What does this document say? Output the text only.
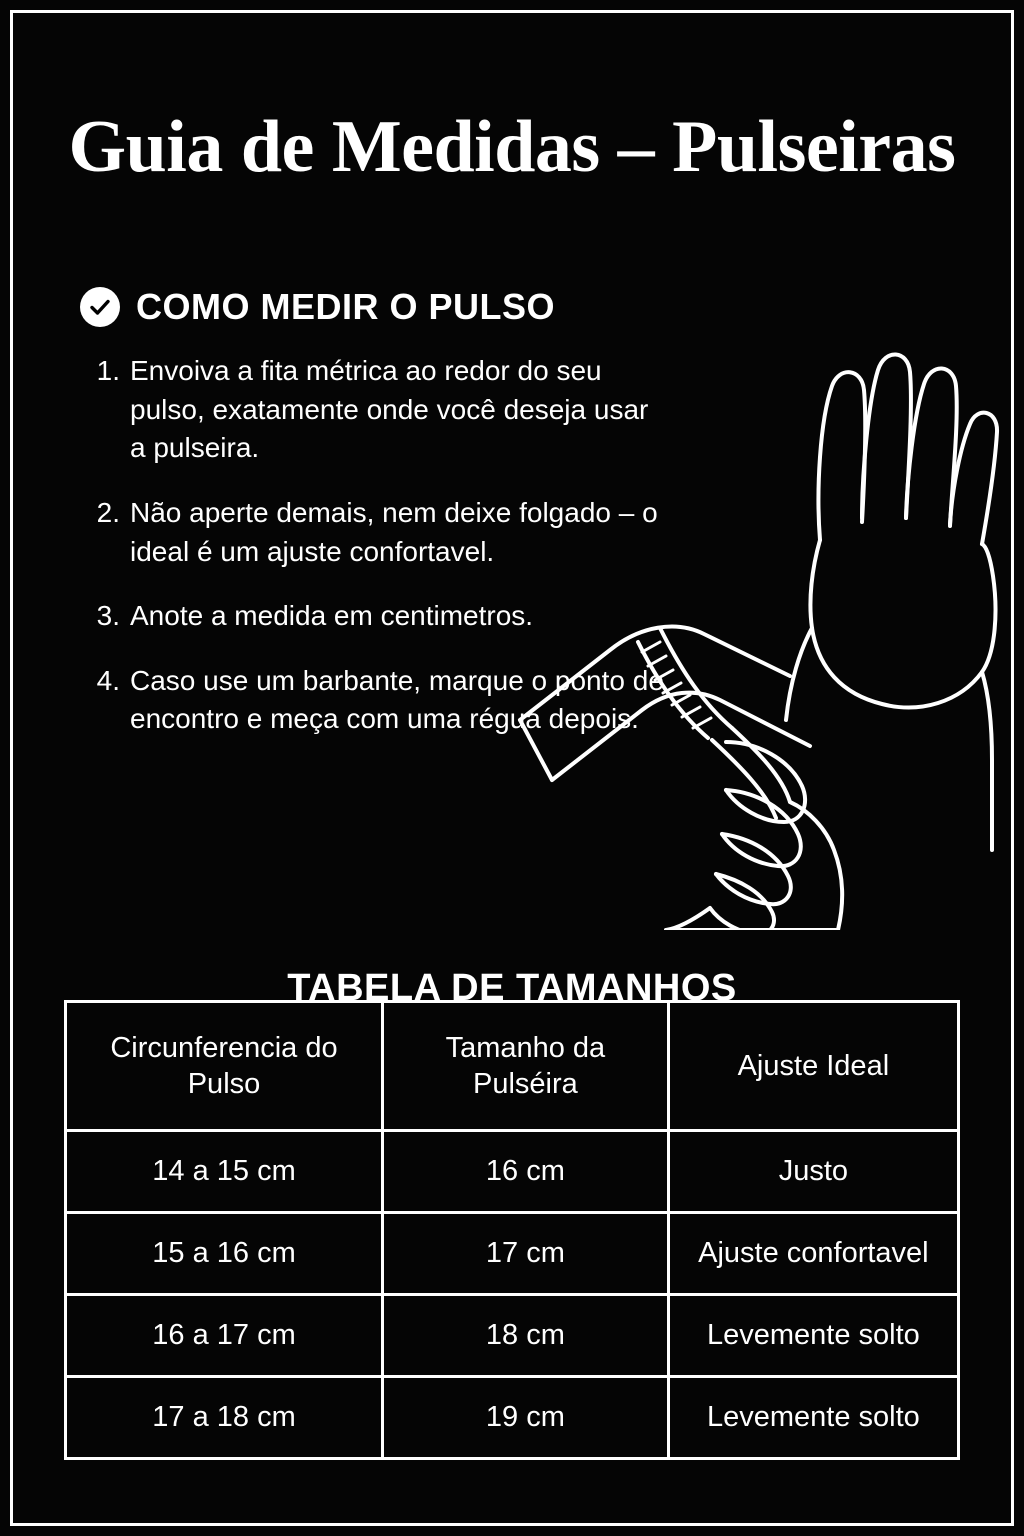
Guia de Medidas – Pulseiras
COMO MEDIR O PULSO
1. Envoiva a fita métrica ao redor do seu pulso, exatamente onde você deseja usar a pulseira.
2. Não aperte demais, nem deixe folgado – o ideal é um ajuste confortavel.
3. Anote a medida em centimetros.
4. Caso use um barbante, marque o ponto de encontro e meça com uma régua depois.
TABELA DE TAMANHOS
Circunferencia do Pulso	Tamanho da Pulséira	Ajuste Ideal
14 a 15 cm	16 cm	Justo
15 a 16 cm	17 cm	Ajuste confortavel
16 a 17 cm	18 cm	Levemente solto
17 a 18 cm	19 cm	Levemente solto
